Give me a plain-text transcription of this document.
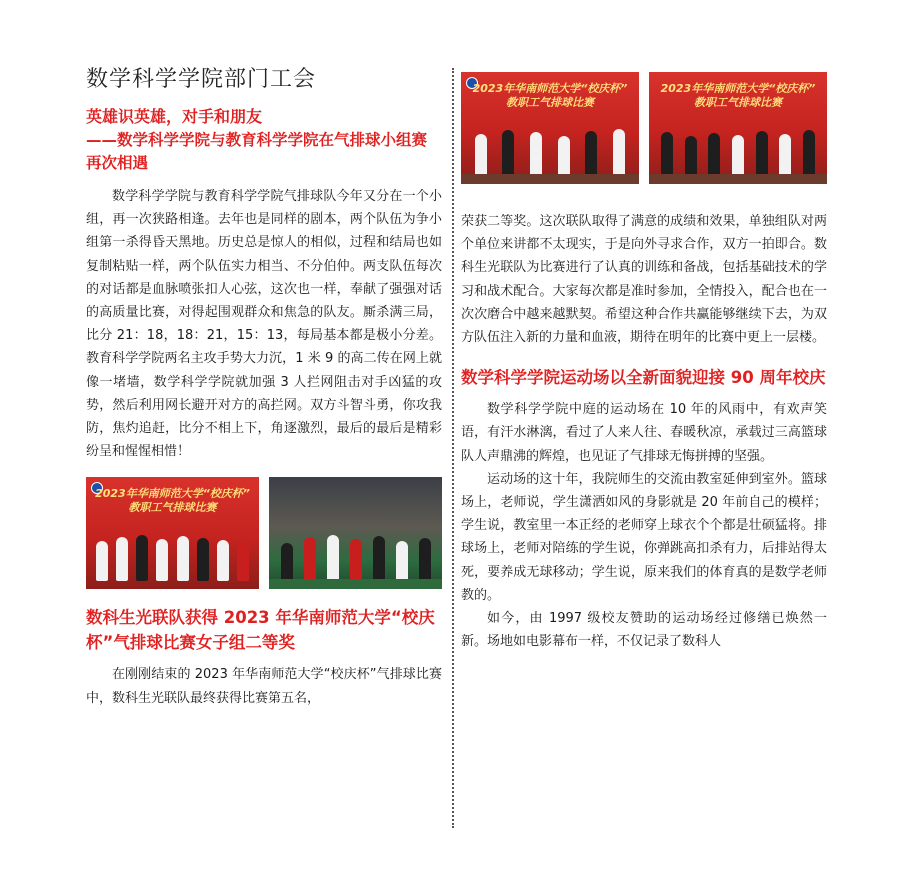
数学科学学院部门工会
英雄识英雄，对手和朋友
——数学科学学院与教育科学学院在气排球小组赛再次相遇

数学科学学院与教育科学学院气排球队今年又分在一个小组，再一次狭路相逢。去年也是同样的剧本，两个队伍为争小组第一杀得昏天黑地。历史总是惊人的相似，过程和结局也如复制粘贴一样，两个队伍实力相当、不分伯仲。两支队伍每次的对话都是血脉喷张扣人心弦，这次也一样，奉献了强强对话的高质量比赛，对得起围观群众和焦急的队友。厮杀满三局，比分 21：18，18：21，15：13，每局基本都是极小分差。教育科学学院两名主攻手势大力沉，1 米 9 的高二传在网上就像一堵墙，数学科学学院就加强 3 人拦网阻击对手凶猛的攻势，然后利用网长避开对方的高拦网。双方斗智斗勇，你攻我防，焦灼追赶，比分不相上下，角逐激烈，最后的最后是精彩纷呈和惺惺相惜！

2023年华南师范大学“校庆杯” 教职工气排球比赛
数科生光联队获得 2023 年华南师范大学“校庆杯”气排球比赛女子组二等奖

在刚刚结束的 2023 年华南师范大学“校庆杯”气排球比赛中，数科生光联队最终获得比赛第五名，

2023年华南师范大学“校庆杯” 教职工气排球比赛
2023年华南师范大学“校庆杯” 教职工气排球比赛

荣获二等奖。这次联队取得了满意的成绩和效果，单独组队对两个单位来讲都不太现实，于是向外寻求合作，双方一拍即合。数科生光联队为比赛进行了认真的训练和备战，包括基础技术的学习和战术配合。大家每次都是准时参加，全情投入，配合也在一次次磨合中越来越默契。希望这种合作共赢能够继续下去，为双方队伍注入新的力量和血液，期待在明年的比赛中更上一层楼。

数学科学学院运动场以全新面貌迎接 90 周年校庆

数学科学学院中庭的运动场在 10 年的风雨中，有欢声笑语，有汗水淋漓，看过了人来人往、春暖秋凉，承载过三高篮球队人声鼎沸的辉煌，也见证了气排球无悔拼搏的坚强。

运动场的这十年，我院师生的交流由教室延伸到室外。篮球场上，老师说，学生潇洒如风的身影就是 20 年前自己的模样；学生说，教室里一本正经的老师穿上球衣个个都是壮硕猛将。排球场上，老师对陪练的学生说，你弹跳高扣杀有力，后排站得太死，要养成无球移动；学生说，原来我们的体育真的是数学老师教的。

如今，由 1997 级校友赞助的运动场经过修缮已焕然一新。场地如电影幕布一样，不仅记录了数科人
